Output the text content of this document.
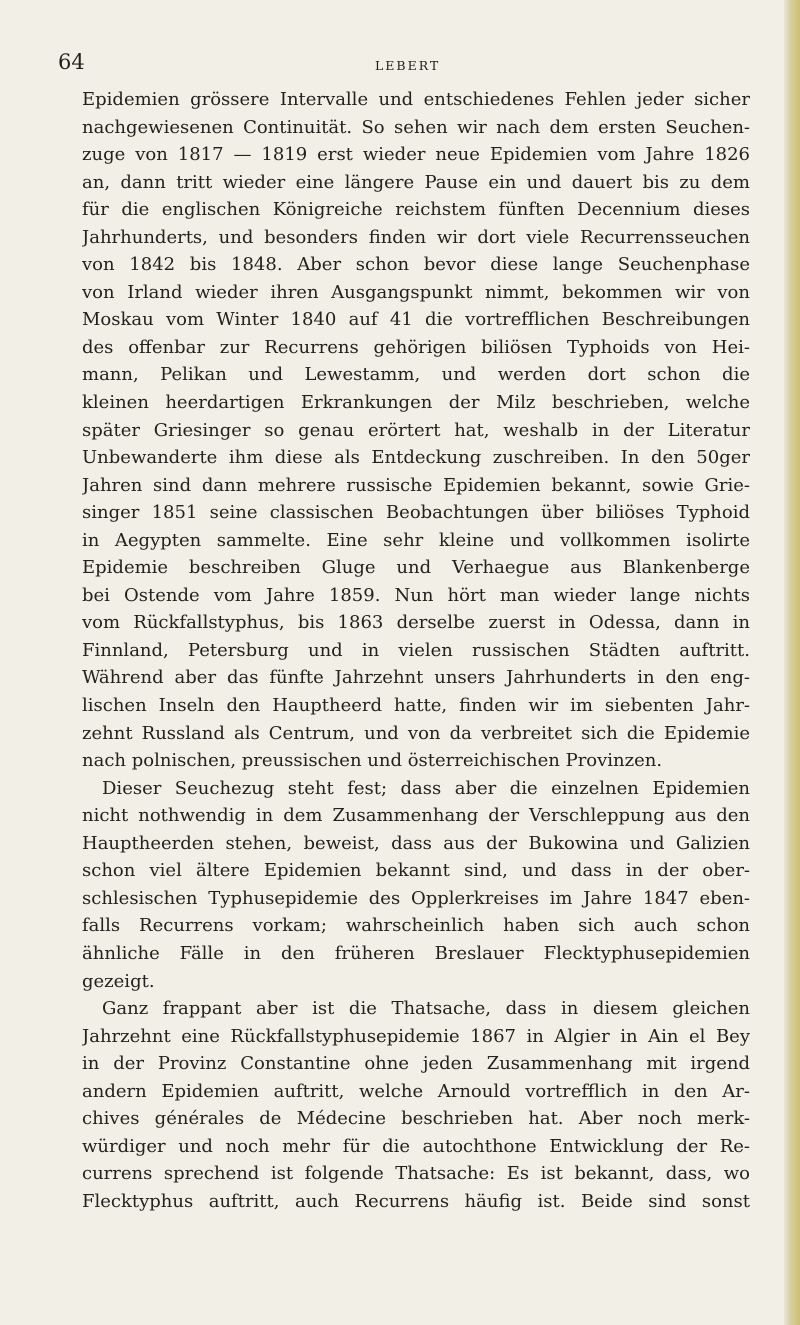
64	LEBERT
Epidemien grössere Intervalle und entschiedenes Fehlen jeder sicher
nachgewiesenen Continuität. So sehen wir nach dem ersten Seuchen-
zuge von 1817 — 1819 erst wieder neue Epidemien vom Jahre 1826
an, dann tritt wieder eine längere Pause ein und dauert bis zu dem
für die englischen Königreiche reichstem fünften Decennium dieses
Jahrhunderts, und besonders finden wir dort viele Recurrensseuchen
von 1842 bis 1848. Aber schon bevor diese lange Seuchenphase
von Irland wieder ihren Ausgangspunkt nimmt, bekommen wir von
Moskau vom Winter 1840 auf 41 die vortrefflichen Beschreibungen
des offenbar zur Recurrens gehörigen biliösen Typhoids von Hei-
mann, Pelikan und Lewestamm, und werden dort schon die
kleinen heerdartigen Erkrankungen der Milz beschrieben, welche
später Griesinger so genau erörtert hat, weshalb in der Literatur
Unbewanderte ihm diese als Entdeckung zuschreiben. In den 50ger
Jahren sind dann mehrere russische Epidemien bekannt, sowie Grie-
singer 1851 seine classischen Beobachtungen über biliöses Typhoid
in Aegypten sammelte. Eine sehr kleine und vollkommen isolirte
Epidemie beschreiben Gluge und Verhaegue aus Blankenberge
bei Ostende vom Jahre 1859. Nun hört man wieder lange nichts
vom Rückfallstyphus, bis 1863 derselbe zuerst in Odessa, dann in
Finnland, Petersburg und in vielen russischen Städten auftritt.
Während aber das fünfte Jahrzehnt unsers Jahrhunderts in den eng-
lischen Inseln den Hauptheerd hatte, finden wir im siebenten Jahr-
zehnt Russland als Centrum, und von da verbreitet sich die Epidemie
nach polnischen, preussischen und österreichischen Provinzen.
Dieser Seuchezug steht fest; dass aber die einzelnen Epidemien
nicht nothwendig in dem Zusammenhang der Verschleppung aus den
Hauptheerden stehen, beweist, dass aus der Bukowina und Galizien
schon viel ältere Epidemien bekannt sind, und dass in der ober-
schlesischen Typhusepidemie des Opplerkreises im Jahre 1847 eben-
falls Recurrens vorkam; wahrscheinlich haben sich auch schon
ähnliche Fälle in den früheren Breslauer Flecktyphusepidemien
gezeigt.
Ganz frappant aber ist die Thatsache, dass in diesem gleichen
Jahrzehnt eine Rückfallstyphusepidemie 1867 in Algier in Ain el Bey
in der Provinz Constantine ohne jeden Zusammenhang mit irgend
andern Epidemien auftritt, welche Arnould vortrefflich in den Ar-
chives générales de Médecine beschrieben hat. Aber noch merk-
würdiger und noch mehr für die autochthone Entwicklung der Re-
currens sprechend ist folgende Thatsache: Es ist bekannt, dass, wo
Flecktyphus auftritt, auch Recurrens häufig ist. Beide sind sonst
